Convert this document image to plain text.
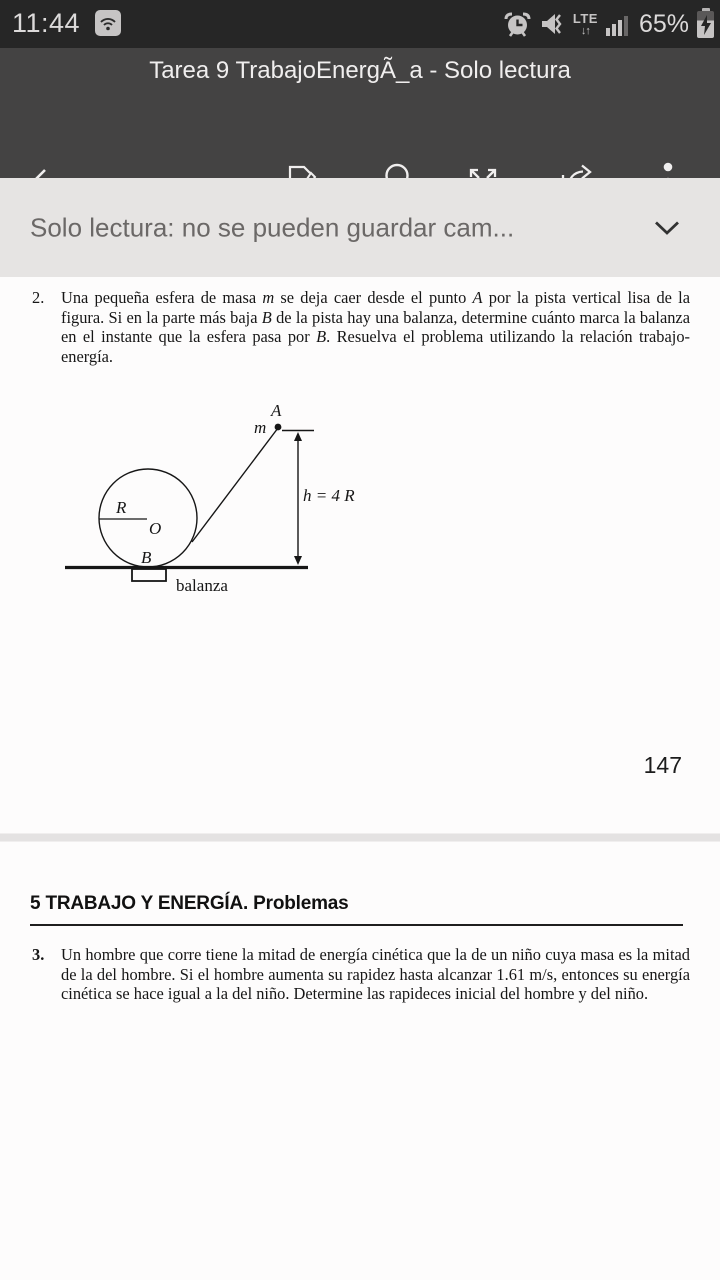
11:44	LTE
↓↑ 65%
Tarea 9 TrabajoEnergÃ_a - Solo lectura
Solo lectura: no se pueden guardar cam...
2.	Una pequeña esfera de masa m se deja caer desde el punto A por la pista vertical lisa de la figura. Si en la parte más baja B de la pista hay una balanza, determine cuánto marca la balanza en el instante que la esfera pasa por B. Resuelva el problema utilizando la relación trabajo-energía.
A
m
h = 4 R
R
O
B
balanza
147
5 TRABAJO Y ENERGÍA. Problemas
3.	Un hombre que corre tiene la mitad de energía cinética que la de un niño cuya masa es la mitad de la del hombre. Si el hombre aumenta su rapidez hasta alcanzar 1.61 m/s, entonces su energía cinética se hace igual a la del niño. Determine las rapideces inicial del hombre y del niño.
